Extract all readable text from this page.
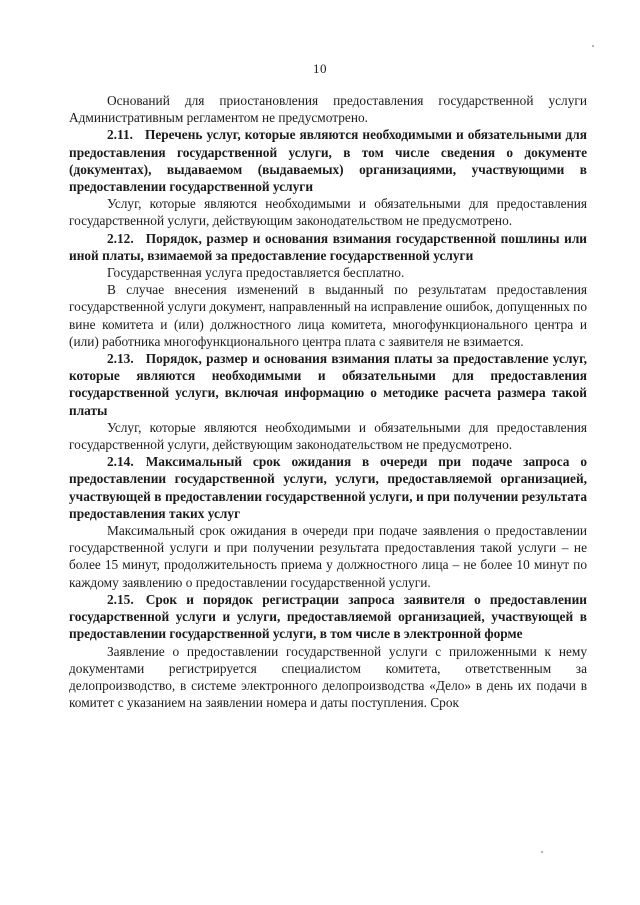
10

Оснований для приостановления предоставления государственной услуги Административным регламентом не предусмотрено.

2.11. Перечень услуг, которые являются необходимыми и обязательными для предоставления государственной услуги, в том числе сведения о документе (документах), выдаваемом (выдаваемых) организациями, участвующими в предоставлении государственной услуги

Услуг, которые являются необходимыми и обязательными для предоставления государственной услуги, действующим законодательством не предусмотрено.

2.12. Порядок, размер и основания взимания государственной пошлины или иной платы, взимаемой за предоставление государственной услуги

Государственная услуга предоставляется бесплатно.

В случае внесения изменений в выданный по результатам предоставления государственной услуги документ, направленный на исправление ошибок, допущенных по вине комитета и (или) должностного лица комитета, многофункционального центра и (или) работника многофункционального центра плата с заявителя не взимается.

2.13. Порядок, размер и основания взимания платы за предоставление услуг, которые являются необходимыми и обязательными для предоставления государственной услуги, включая информацию о методике расчета размера такой платы

Услуг, которые являются необходимыми и обязательными для предоставления государственной услуги, действующим законодательством не предусмотрено.

2.14. Максимальный срок ожидания в очереди при подаче запроса о предоставлении государственной услуги, услуги, предоставляемой организацией, участвующей в предоставлении государственной услуги, и при получении результата предоставления таких услуг

Максимальный срок ожидания в очереди при подаче заявления о предоставлении государственной услуги и при получении результата предоставления такой услуги – не более 15 минут, продолжительность приема у должностного лица – не более 10 минут по каждому заявлению о предоставлении государственной услуги.

2.15. Срок и порядок регистрации запроса заявителя о предоставлении государственной услуги и услуги, предоставляемой организацией, участвующей в предоставлении государственной услуги, в том числе в электронной форме

Заявление о предоставлении государственной услуги с приложенными к нему документами регистрируется специалистом комитета, ответственным за делопроизводство, в системе электронного делопроизводства «Дело» в день их подачи в комитет с указанием на заявлении номера и даты поступления. Срок
